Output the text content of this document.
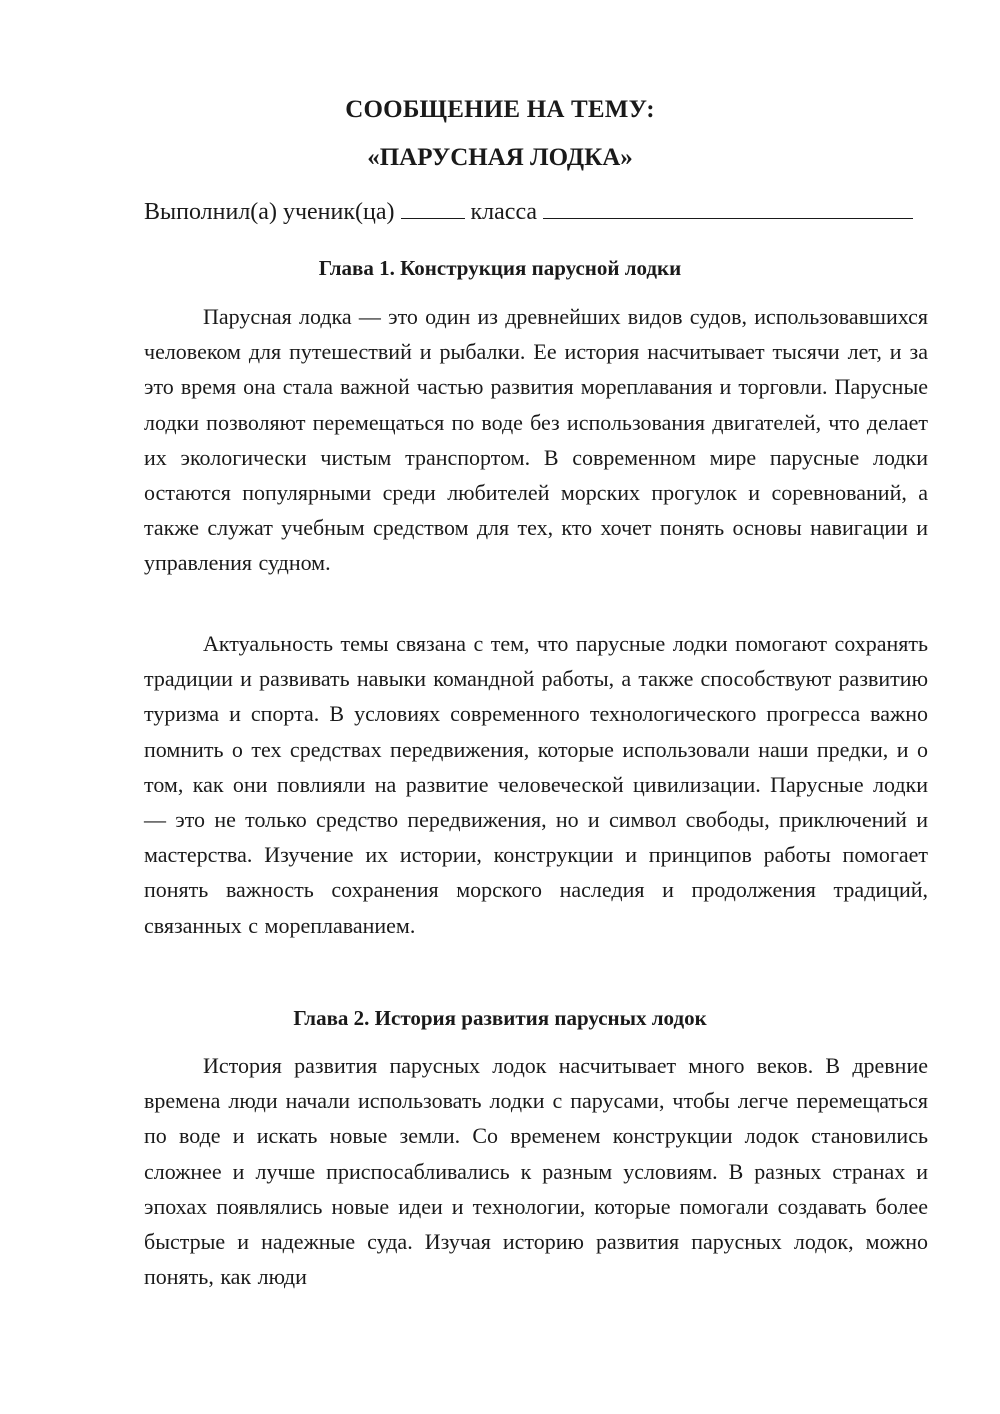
СООБЩЕНИЕ НА ТЕМУ:
«ПАРУСНАЯ ЛОДКА»
Выполнил(а) ученик(ца)	класса
Глава 1. Конструкция парусной лодки

Парусная лодка — это один из древнейших видов судов, использовавшихся человеком для путешествий и рыбалки. Ее история насчитывает тысячи лет, и за это время она стала важной частью развития мореплавания и торговли. Парусные лодки позволяют перемещаться по воде без использования двигателей, что делает их экологически чистым транспортом. В современном мире парусные лодки остаются популярными среди любителей морских прогулок и соревнований, а также служат учебным средством для тех, кто хочет понять основы навигации и управления судном.

Актуальность темы связана с тем, что парусные лодки помогают сохранять традиции и развивать навыки командной работы, а также способствуют развитию туризма и спорта. В условиях современного технологического прогресса важно помнить о тех средствах передвижения, которые использовали наши предки, и о том, как они повлияли на развитие человеческой цивилизации. Парусные лодки — это не только средство передвижения, но и символ свободы, приключений и мастерства. Изучение их истории, конструкции и принципов работы помогает понять важность сохранения морского наследия и продолжения традиций, связанных с мореплаванием.

Глава 2. История развития парусных лодок

История развития парусных лодок насчитывает много веков. В древние времена люди начали использовать лодки с парусами, чтобы легче перемещаться по воде и искать новые земли. Со временем конструкции лодок становились сложнее и лучше приспосабливались к разным условиям. В разных странах и эпохах появлялись новые идеи и технологии, которые помогали создавать более быстрые и надежные суда. Изучая историю развития парусных лодок, можно понять, как люди
